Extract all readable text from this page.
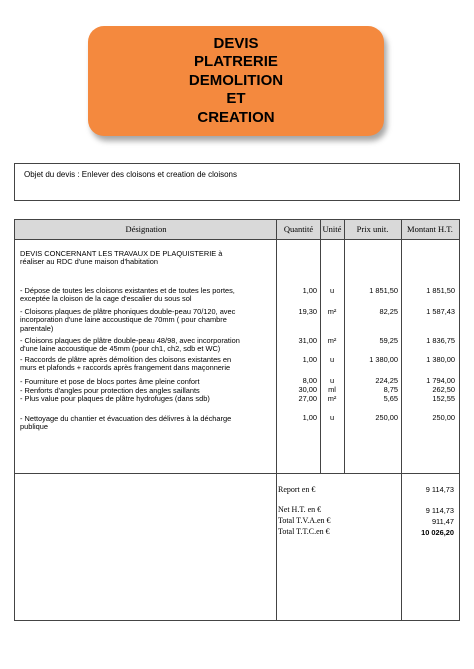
DEVIS
PLATRERIE
DEMOLITION
ET
CREATION
Objet du devis : Enlever des cloisons et creation de cloisons
Désignation	Quantité	Unité	Prix unit.	Montant H.T.
DEVIS CONCERNANT LES TRAVAUX DE PLAQUISTERIE à
réaliser au RDC d'une maison d'habitation
- Dépose de toutes les cloisons existantes et de toutes les portes,
exceptée la cloison de la cage d'escalier du sous sol
1,00	u	1 851,50	1 851,50
- Cloisons plaques de plâtre phoniques double-peau 70/120, avec
incorporation d'une laine accoustique de 70mm ( pour chambre
parentale)
19,30	m²	82,25	1 587,43
- Cloisons plaques de plâtre double-peau 48/98, avec incorporation
d'une laine accoustique de 45mm (pour ch1, ch2, sdb et WC)
31,00	m²	59,25	1 836,75
- Raccords de plâtre après démolition des cloisons existantes en
murs et plafonds + raccords après frangement dans maçonnerie
1,00	u	1 380,00	1 380,00
- Fourniture et pose de blocs portes âme pleine confort	8,00	u	224,25	1 794,00
- Renforts d'angles pour protection des angles saillants	30,00	ml	8,75	262,50
- Plus value pour plaques de plâtre hydrofuges (dans sdb)	27,00	m²	5,65	152,55
- Nettoyage du chantier et évacuation des délivres à la décharge
publique
1,00	u	250,00	250,00
Report en €	9 114,73
Net H.T. en €	9 114,73
Total T.V.A.en €	911,47
Total T.T.C.en €	10 026,20
